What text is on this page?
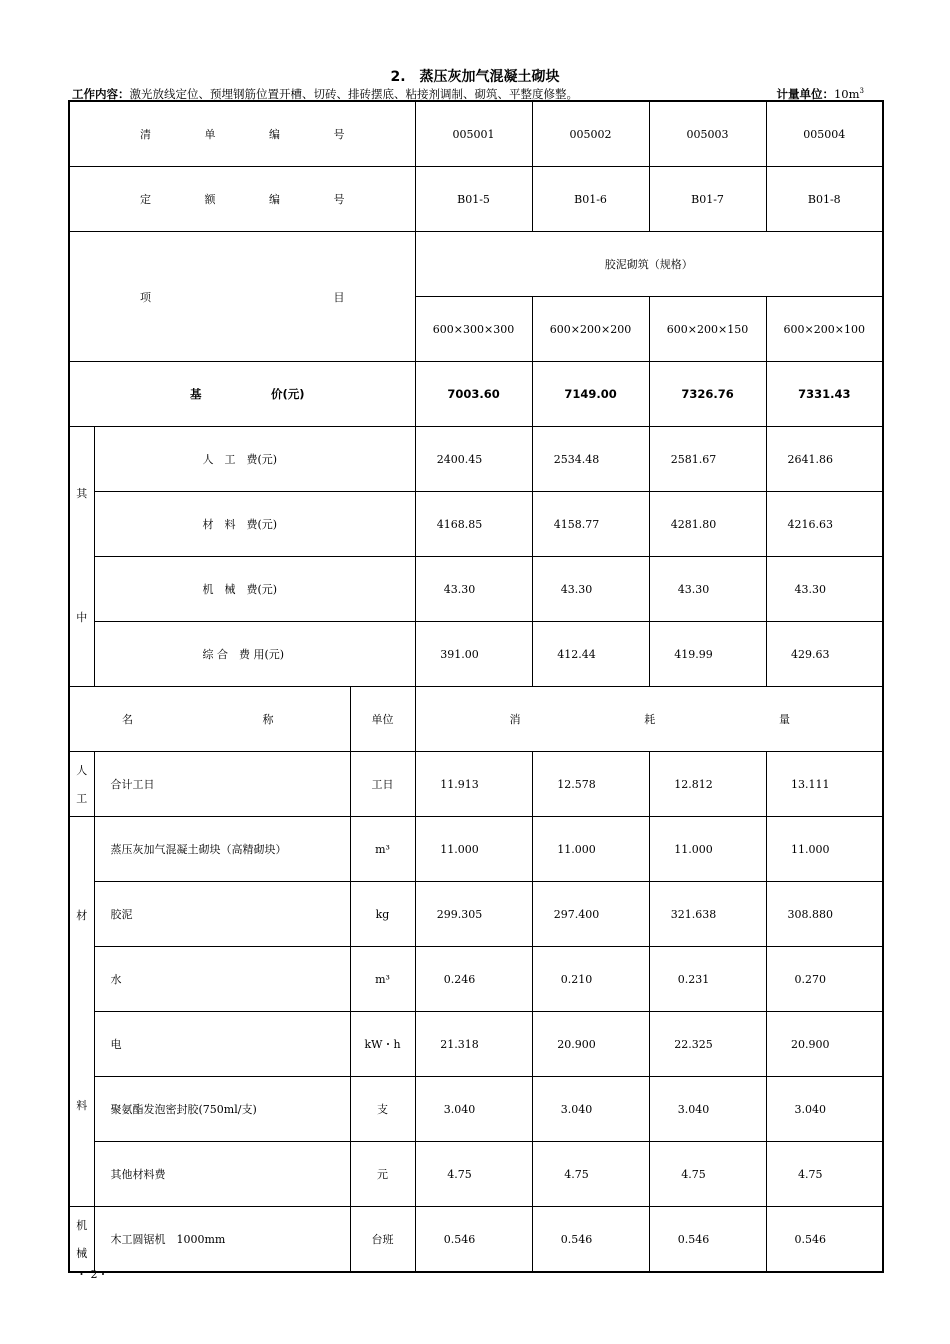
2. 蒸压灰加气混凝土砌块
工作内容：激光放线定位、预埋钢筋位置开槽、切砖、排砖摆底、粘接剂调制、砌筑、平整度修整。	计量单位：$10m^3$
清 单 编 号			005001	005002	005003	005004

定 额 编 号			B01-5	B01-6	B01-7	B01-8

项 目			胶泥砌筑（规格）			
			600×300×300	600×200×200	600×200×150	600×200×100

基 价(元)			7003.60	7149.00	7326.76	7331.43

其
中	人　工　费(元)		2400.45	2534.48	2581.67	2641.86
	材　料　费(元)		4168.85	4158.77	4281.80	4216.63
	机　械　费(元)		43.30	43.30	43.30	43.30
	综 合　费 用(元)		391.00	412.44	419.99	429.63

名 称		单位	消 耗 量			

人
工	合计工日	工日	11.913	12.578	12.812	13.111

材
料	蒸压灰加气混凝土砌块（高精砌块）	m³	11.000	11.000	11.000	11.000
	胶泥	kg	299.305	297.400	321.638	308.880
	水	m³	0.246	0.210	0.231	0.270
	电	kW・h	21.318	20.900	22.325	20.900
	聚氨酯发泡密封胶(750ml/支)	支	3.040	3.040	3.040	3.040
	其他材料费	元	4.75	4.75	4.75	4.75

机
械	木工圆锯机　1000mm	台班	0.546	0.546	0.546	0.546
・ 2・
